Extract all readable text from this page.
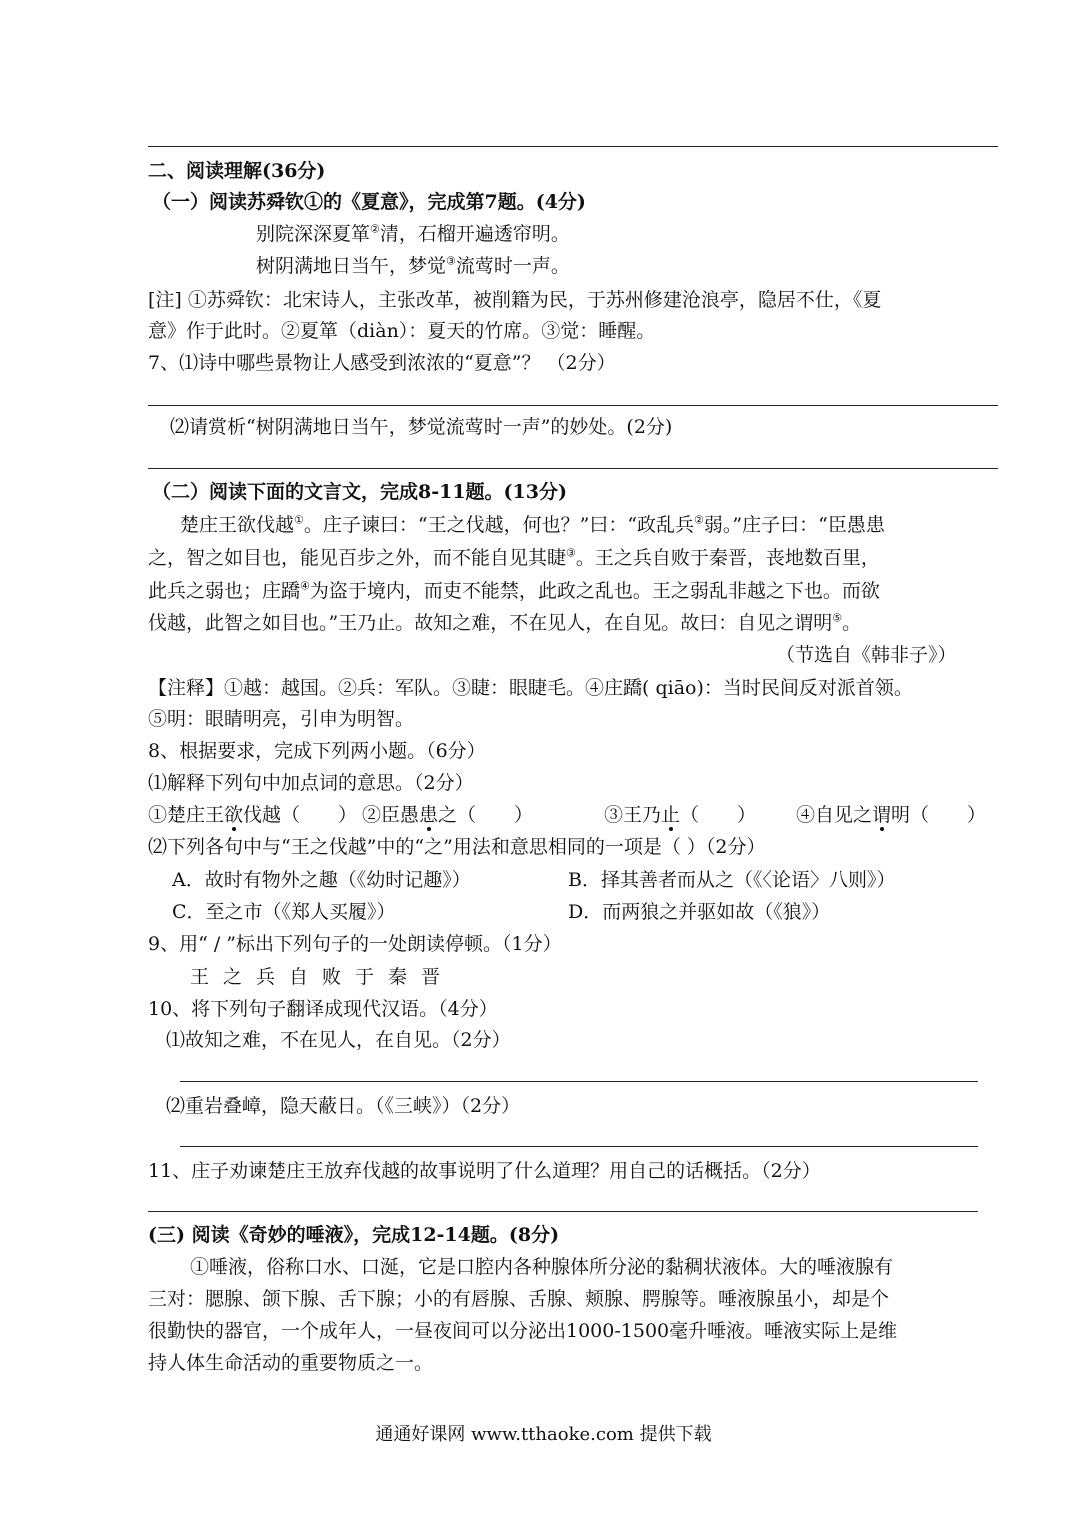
二、阅读理解(36分)
（一）阅读苏舜钦①的《夏意》，完成第7题。(4分)
别院深深夏箪②清，石榴开遍透帘明。
树阴满地日当午，梦觉③流莺时一声。
[注] ①苏舜钦：北宋诗人，主张改革，被削籍为民，于苏州修建沧浪亭，隐居不仕，《夏
意》作于此时。②夏箪（diàn）：夏天的竹席。③觉：睡醒。
7、⑴诗中哪些景物让人感受到浓浓的“夏意”？ （2分）
⑵请赏析“树阴满地日当午，梦觉流莺时一声”的妙处。(2分)
（二）阅读下面的文言文，完成8-11题。(13分)
楚庄王欲伐越①。庄子谏曰：“王之伐越，何也？”曰：“政乱兵②弱。”庄子曰：“臣愚患
之，智之如目也，能见百步之外，而不能自见其睫③。王之兵自败于秦晋，丧地数百里，
此兵之弱也；庄蹻④为盗于境内，而吏不能禁，此政之乱也。王之弱乱非越之下也。而欲
伐越，此智之如目也。”王乃止。故知之难，不在见人，在自见。故曰：自见之谓明⑤。
（节选自《韩非子》）
【注释】①越：越国。②兵：军队。③睫：眼睫毛。④庄蹻( qiāo)：当时民间反对派首领。
⑤明：眼睛明亮，引申为明智。
8、根据要求，完成下列两小题。（6分）
⑴解释下列句中加点词的意思。（2分）
①楚庄王欲伐越（ ） ②臣愚患之（ ）	③王乃止（ ）	④自见之谓明（ ）
⑵下列各句中与“王之伐越”中的“之”用法和意思相同的一项是（ ）（2分）
A．故时有物外之趣（《幼时记趣》）	B．择其善者而从之（《〈论语〉八则》）
C．至之市（《郑人买履》）	D．而两狼之并驱如故（《狼》）
9、用“ / ”标出下列句子的一处朗读停顿。（1分）
王之兵自败于秦晋
10、将下列句子翻译成现代汉语。（4分）
⑴故知之难，不在见人，在自见。（2分）
⑵重岩叠嶂，隐天蔽日。（《三峡》）（2分）
11、庄子劝谏楚庄王放弃伐越的故事说明了什么道理？用自己的话概括。（2分）
(三) 阅读《奇妙的唾液》，完成12-14题。(8分)
①唾液，俗称口水、口涎，它是口腔内各种腺体所分泌的黏稠状液体。大的唾液腺有
三对：腮腺、颌下腺、舌下腺；小的有唇腺、舌腺、颊腺、腭腺等。唾液腺虽小，却是个
很勤快的器官，一个成年人，一昼夜间可以分泌出1000-1500毫升唾液。唾液实际上是维
持人体生命活动的重要物质之一。
通通好课网 www.tthaoke.com 提供下载
